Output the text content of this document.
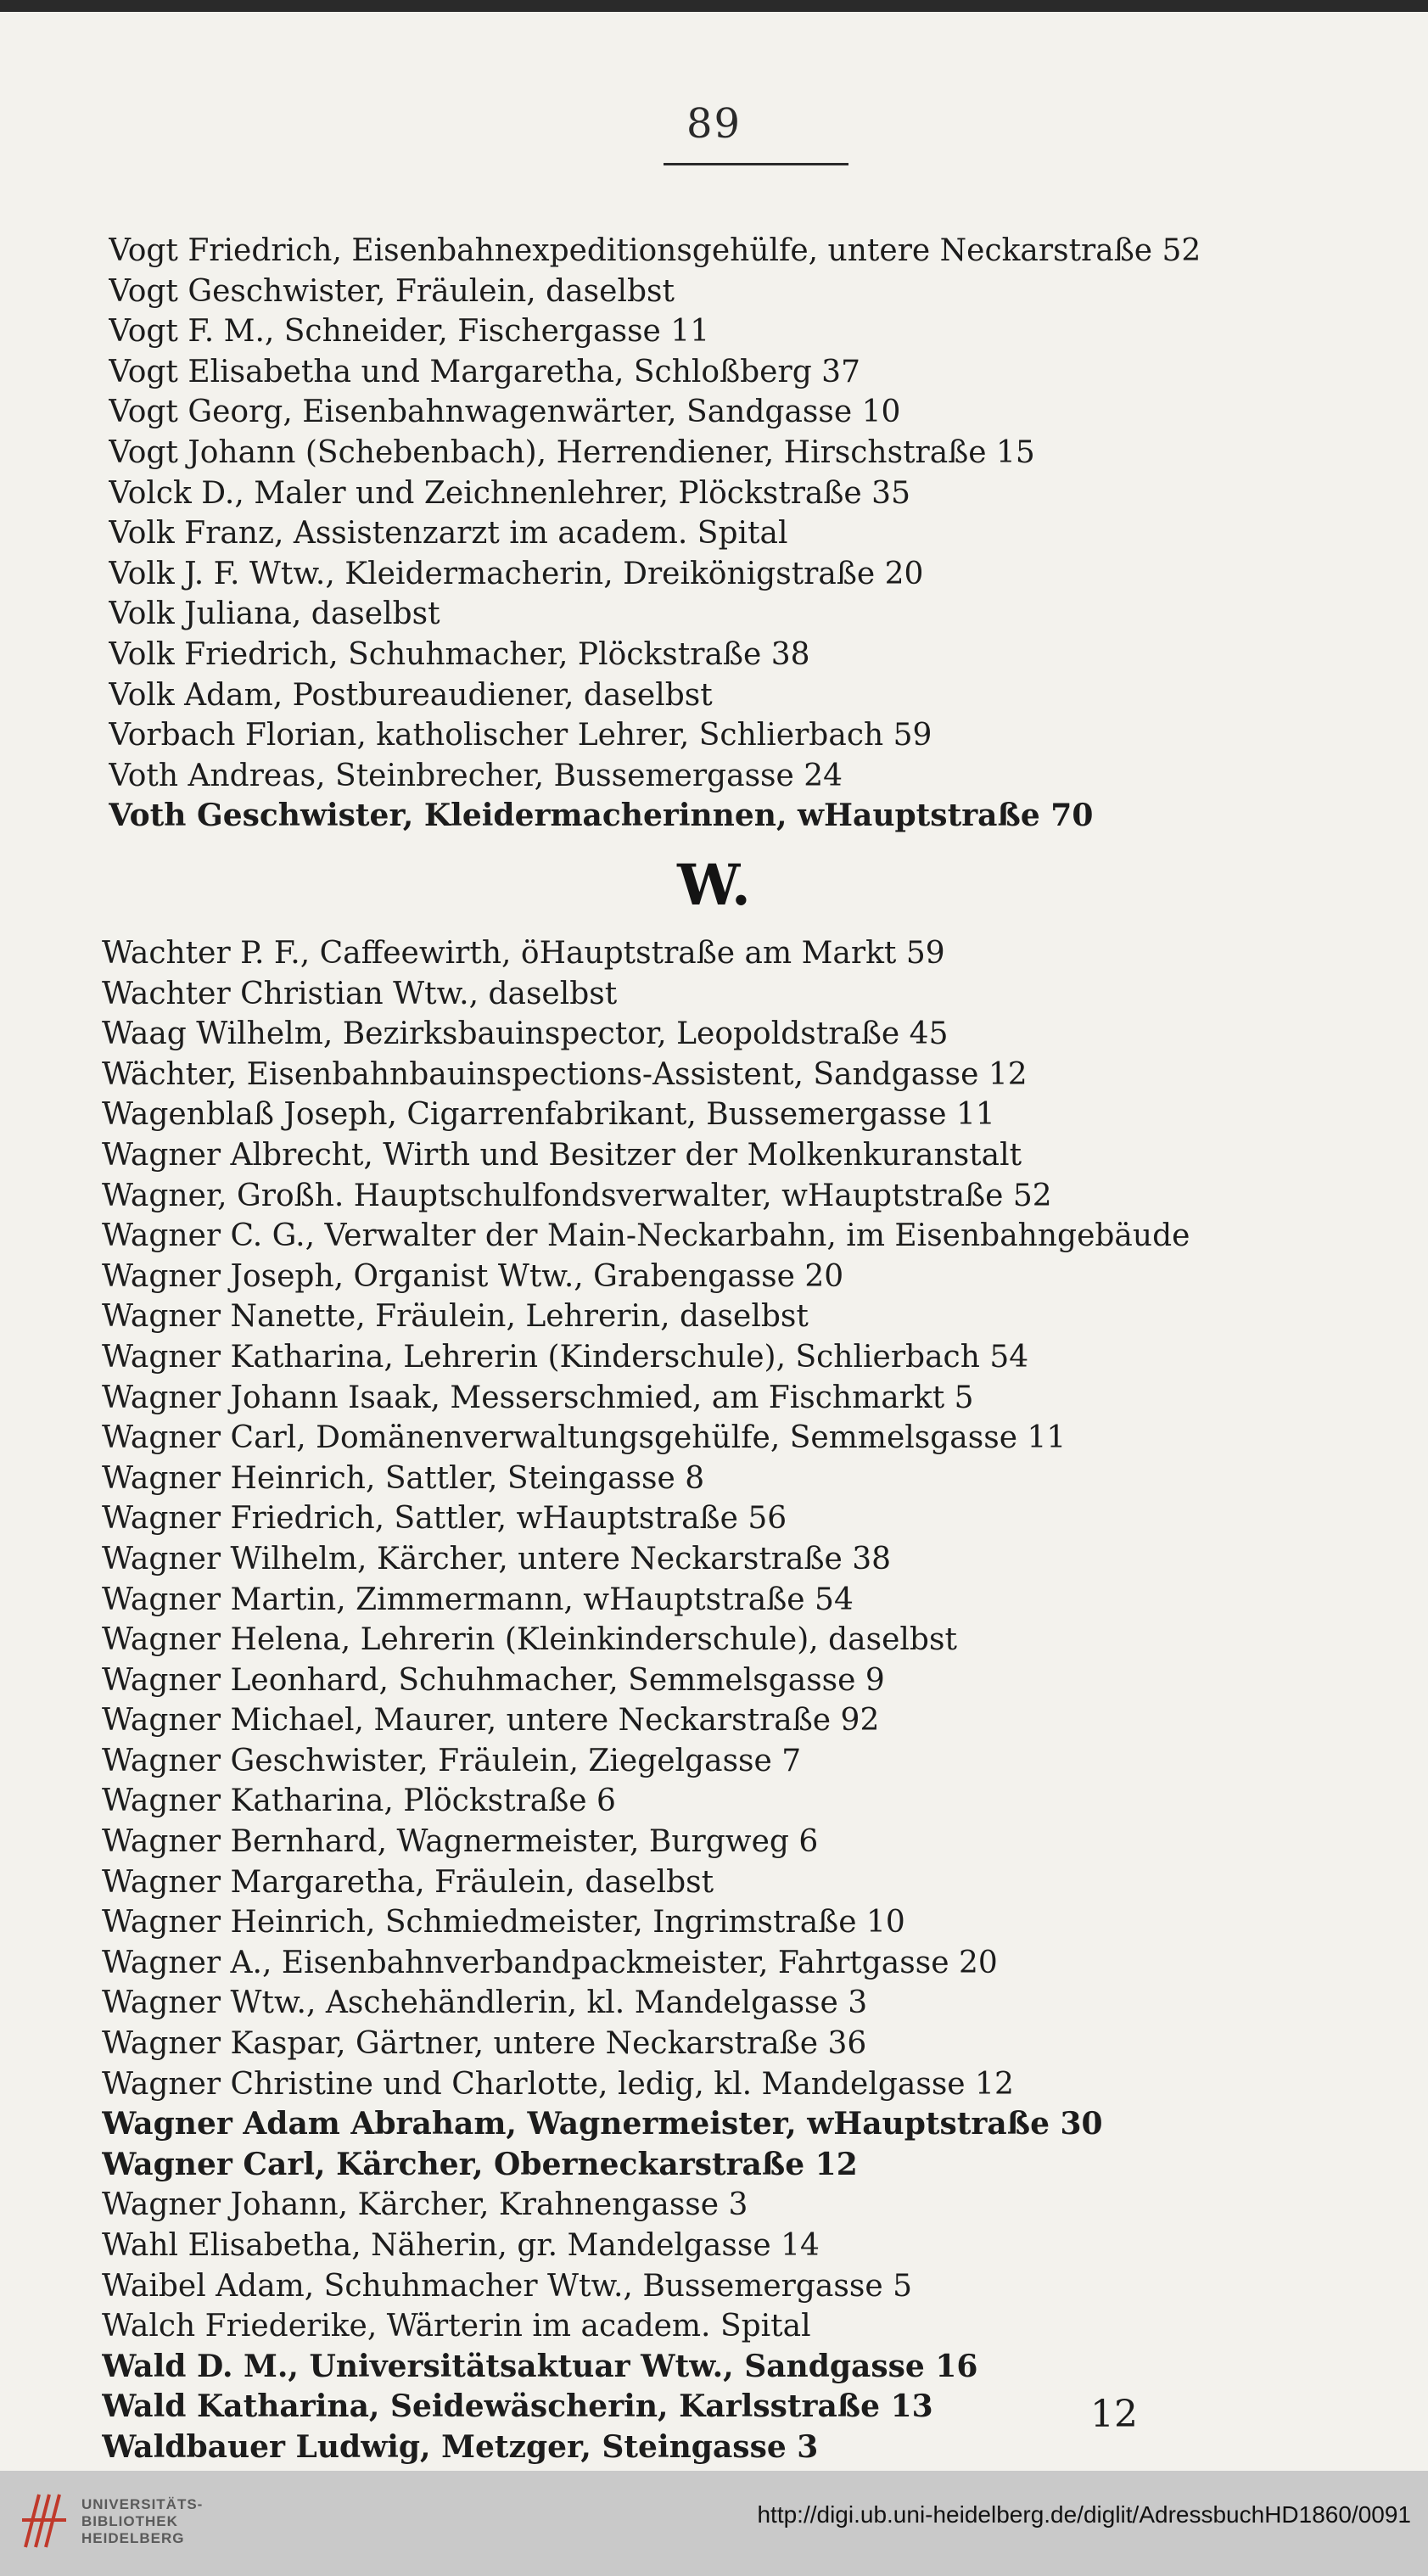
89
Vogt Friedrich, Eisenbahnexpeditionsgehülfe, untere Neckarstraße 52
Vogt Geschwister, Fräulein, daselbst
Vogt F. M., Schneider, Fischergasse 11
Vogt Elisabetha und Margaretha, Schloßberg 37
Vogt Georg, Eisenbahnwagenwärter, Sandgasse 10
Vogt Johann (Schebenbach), Herrendiener, Hirschstraße 15
Volck D., Maler und Zeichnenlehrer, Plöckstraße 35
Volk Franz, Assistenzarzt im academ. Spital
Volk J. F. Wtw., Kleidermacherin, Dreikönigstraße 20
Volk Juliana, daselbst
Volk Friedrich, Schuhmacher, Plöckstraße 38
Volk Adam, Postbureaudiener, daselbst
Vorbach Florian, katholischer Lehrer, Schlierbach 59
Voth Andreas, Steinbrecher, Bussemergasse 24
Voth Geschwister, Kleidermacherinnen, wHauptstraße 70
W.
Wachter P. F., Caffeewirth, öHauptstraße am Markt 59
Wachter Christian Wtw., daselbst
Waag Wilhelm, Bezirksbauinspector, Leopoldstraße 45
Wächter, Eisenbahnbauinspections-Assistent, Sandgasse 12
Wagenblaß Joseph, Cigarrenfabrikant, Bussemergasse 11
Wagner Albrecht, Wirth und Besitzer der Molkenkuranstalt
Wagner, Großh. Hauptschulfondsverwalter, wHauptstraße 52
Wagner C. G., Verwalter der Main-Neckarbahn, im Eisenbahngebäude
Wagner Joseph, Organist Wtw., Grabengasse 20
Wagner Nanette, Fräulein, Lehrerin, daselbst
Wagner Katharina, Lehrerin (Kinderschule), Schlierbach 54
Wagner Johann Isaak, Messerschmied, am Fischmarkt 5
Wagner Carl, Domänenverwaltungsgehülfe, Semmelsgasse 11
Wagner Heinrich, Sattler, Steingasse 8
Wagner Friedrich, Sattler, wHauptstraße 56
Wagner Wilhelm, Kärcher, untere Neckarstraße 38
Wagner Martin, Zimmermann, wHauptstraße 54
Wagner Helena, Lehrerin (Kleinkinderschule), daselbst
Wagner Leonhard, Schuhmacher, Semmelsgasse 9
Wagner Michael, Maurer, untere Neckarstraße 92
Wagner Geschwister, Fräulein, Ziegelgasse 7
Wagner Katharina, Plöckstraße 6
Wagner Bernhard, Wagnermeister, Burgweg 6
Wagner Margaretha, Fräulein, daselbst
Wagner Heinrich, Schmiedmeister, Ingrimstraße 10
Wagner A., Eisenbahnverbandpackmeister, Fahrtgasse 20
Wagner Wtw., Aschehändlerin, kl. Mandelgasse 3
Wagner Kaspar, Gärtner, untere Neckarstraße 36
Wagner Christine und Charlotte, ledig, kl. Mandelgasse 12
Wagner Adam Abraham, Wagnermeister, wHauptstraße 30
Wagner Carl, Kärcher, Oberneckarstraße 12
Wagner Johann, Kärcher, Krahnengasse 3
Wahl Elisabetha, Näherin, gr. Mandelgasse 14
Waibel Adam, Schuhmacher Wtw., Bussemergasse 5
Walch Friederike, Wärterin im academ. Spital
Wald D. M., Universitätsaktuar Wtw., Sandgasse 16
Wald Katharina, Seidewäscherin, Karlsstraße 13
Waldbauer Ludwig, Metzger, Steingasse 3
12
UNIVERSITÄTS-
BIBLIOTHEK
HEIDELBERG
http://digi.ub.uni-heidelberg.de/diglit/AdressbuchHD1860/0091
